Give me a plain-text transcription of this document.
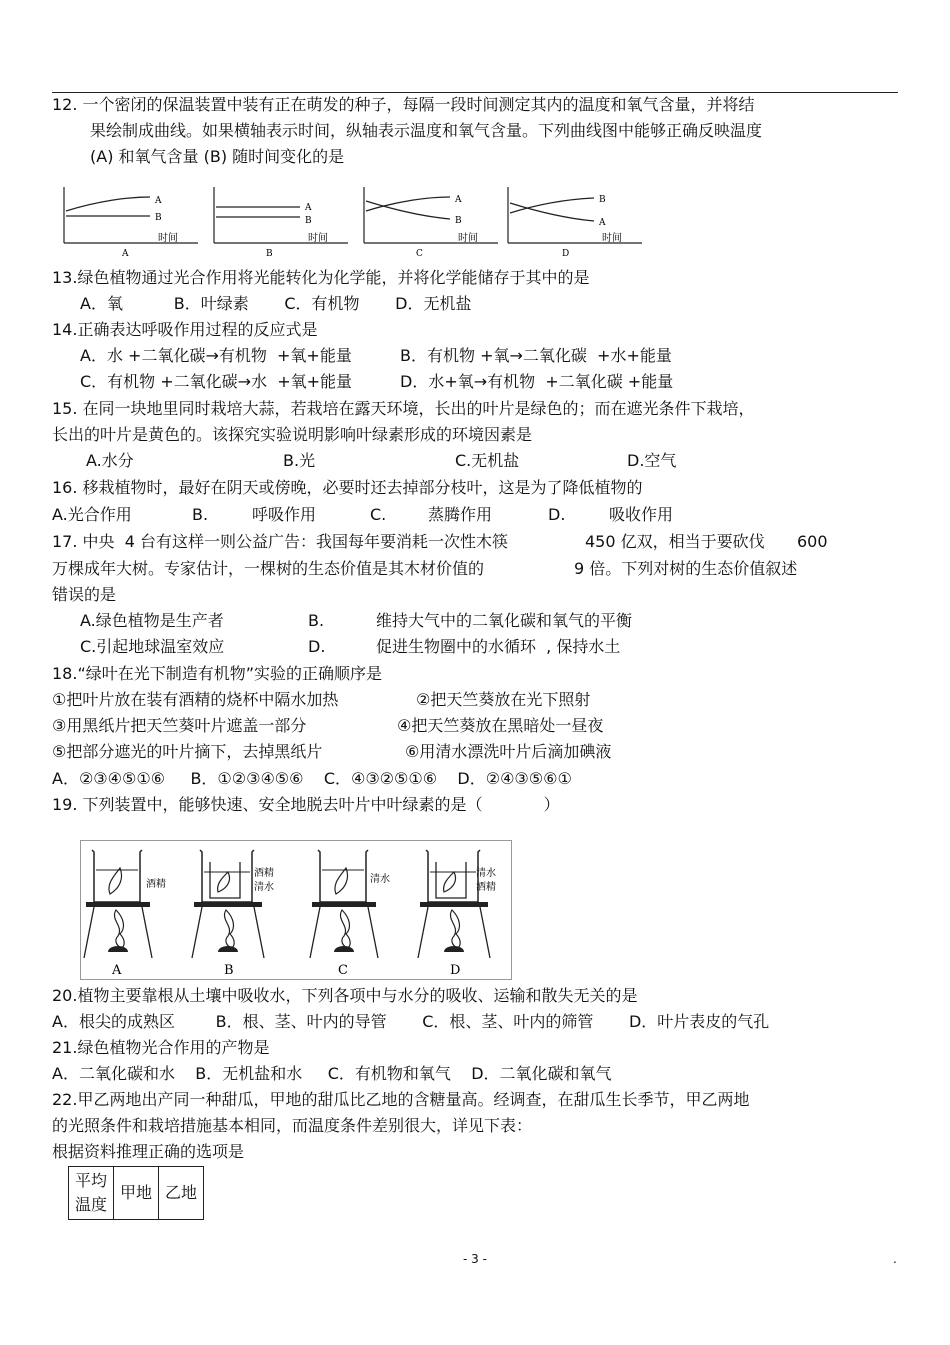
12. 一个密闭的保温装置中装有正在萌发的种子，每隔一段时间测定其内的温度和氧气含量，并将结
果绘制成曲线。如果横轴表示时间，纵轴表示温度和氧气含量。下列曲线图中能够正确反映温度
(A) 和氧气含量 (B) 随时间变化的是
A
B
时间
A
A
B
时间
B
A
B
时间
C
B
A
时间
D
13.绿色植物通过光合作用将光能转化为化学能，并将化学能储存于其中的是
A．氧          B．叶绿素       C．有机物       D．无机盐
14.正确表达呼吸作用过程的反应式是
A．水 +二氧化碳→有机物  +氧+能量	B．有机物 +氧→二氧化碳  +水+能量
C．有机物 +二氧化碳→水  +氧+能量	D．水+氧→有机物  +二氧化碳 +能量
15. 在同一块地里同时栽培大蒜，若栽培在露天环境，长出的叶片是绿色的；而在遮光条件下栽培，
长出的叶片是黄色的。该探究实验说明影响叶绿素形成的环境因素是
A.水分	B.光	C.无机盐	D.空气
16. 移栽植物时，最好在阴天或傍晚，必要时还去掉部分枝叶，这是为了降低植物的
A.光合作用	B.	呼吸作用	C.	蒸腾作用	D.	吸收作用
17. 中央  4 台有这样一则公益广告：我国每年要消耗一次性木筷	450 亿双，相当于要砍伐 600
万棵成年大树。专家估计，一棵树的生态价值是其木材价值的	9 倍。下列对树的生态价值叙述
错误的是
A.绿色植物是生产者	B.	维持大气中的二氧化碳和氧气的平衡
C.引起地球温室效应	D.	促进生物圈中的水循环  , 保持水土
18.“绿叶在光下制造有机物”实验的正确顺序是
①把叶片放在装有酒精的烧杯中隔水加热	②把天竺葵放在光下照射
③用黑纸片把天竺葵叶片遮盖一部分	④把天竺葵放在黑暗处一昼夜
⑤把部分遮光的叶片摘下，去掉黑纸片	⑥用清水漂洗叶片后滴加碘液
A．②③④⑤①⑥     B．①②③④⑤⑥    C．④③②⑤①⑥    D．②④③⑤⑥①
19. 下列装置中，能够快速、安全地脱去叶片中叶绿素的是（            ）
酒精
A
酒精
清水
B
清水
C
清水
酒精
D
20.植物主要靠根从土壤中吸收水，下列各项中与水分的吸收、运输和散失无关的是
A．根尖的成熟区        B．根、茎、叶内的导管       C．根、茎、叶内的筛管       D．叶片表皮的气孔
21.绿色植物光合作用的产物是
A．二氧化碳和水    B．无机盐和水     C．有机物和氧气    D．二氧化碳和氧气
22.甲乙两地出产同一种甜瓜，甲地的甜瓜比乙地的含糖量高。经调查，在甜瓜生长季节，甲乙两地
的光照条件和栽培措施基本相同，而温度条件差别很大，详见下表：
根据资料推理正确的选项是
平均
温度
	甲地	乙地
- 3 -	.
